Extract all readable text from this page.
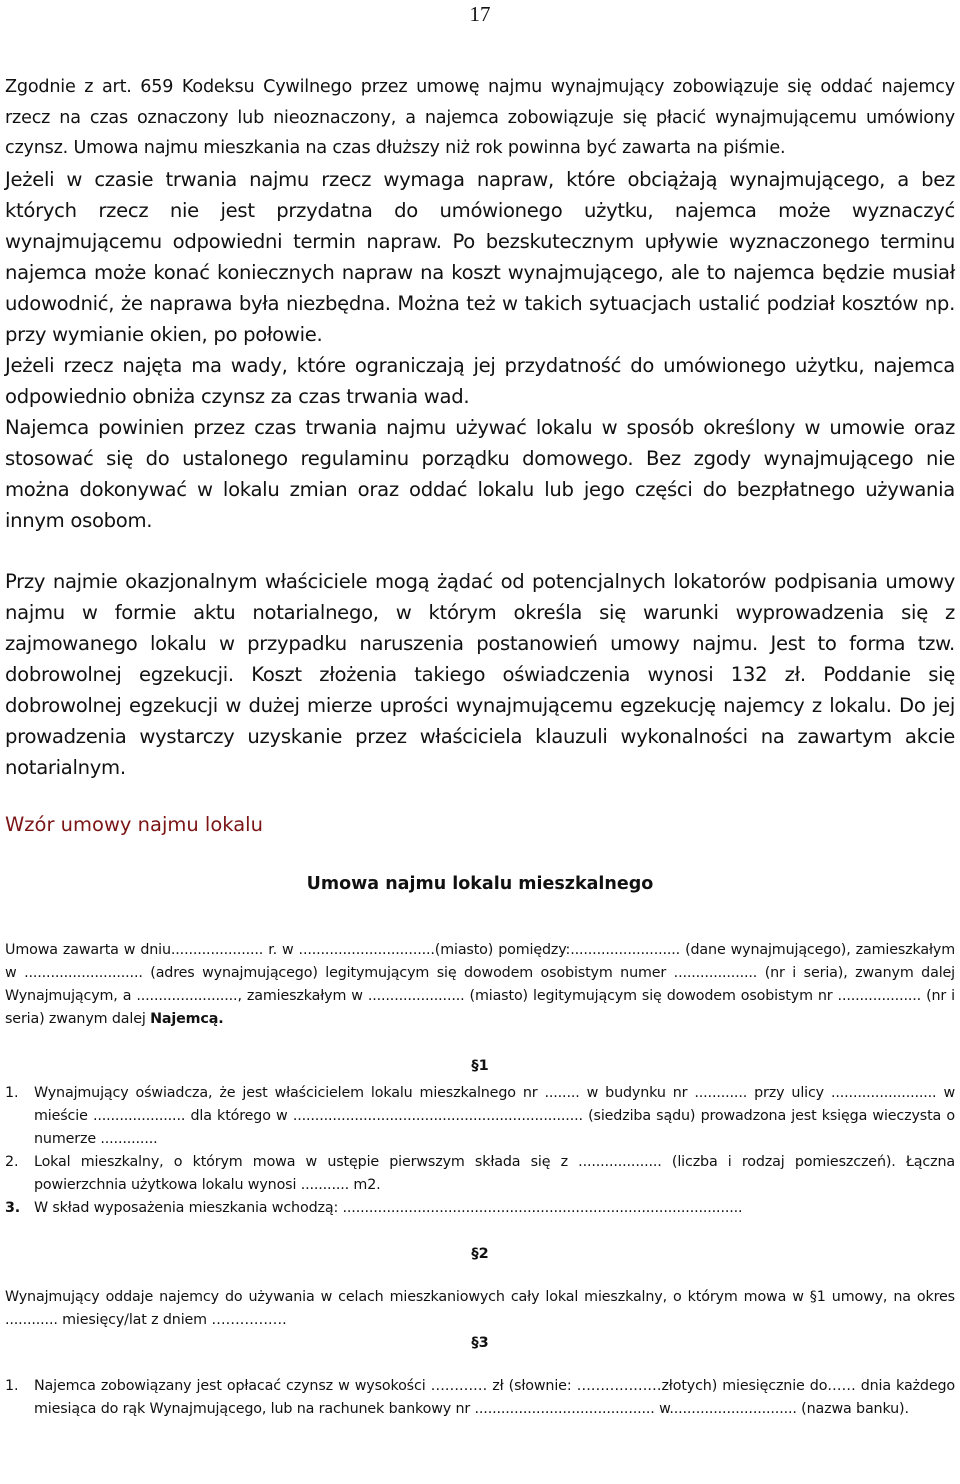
17

Zgodnie z art. 659 Kodeksu Cywilnego przez umowę najmu wynajmujący zobowiązuje się oddać najemcy rzecz na czas oznaczony lub nieoznaczony, a najemca zobowiązuje się płacić wynajmującemu umówiony czynsz. Umowa najmu mieszkania na czas dłuższy niż rok powinna być zawarta na piśmie.

Jeżeli w czasie trwania najmu rzecz wymaga napraw, które obciążają wynajmującego, a bez których rzecz nie jest przydatna do umówionego użytku, najemca może wyznaczyć wynajmującemu odpowiedni termin napraw. Po bezskutecznym upływie wyznaczonego terminu najemca może konać koniecznych napraw na koszt wynajmującego, ale to najemca będzie musiał udowodnić, że naprawa była niezbędna. Można też w takich sytuacjach ustalić podział kosztów np. przy wymianie okien, po połowie.

Jeżeli rzecz najęta ma wady, które ograniczają jej przydatność do umówionego użytku, najemca odpowiednio obniża czynsz za czas trwania wad.

Najemca powinien przez czas trwania najmu używać lokalu w sposób określony w umowie oraz stosować się do ustalonego regulaminu porządku domowego. Bez zgody wynajmującego nie można dokonywać w lokalu zmian oraz oddać lokalu lub jego części do bezpłatnego używania innym osobom.

Przy najmie okazjonalnym właściciele mogą żądać od potencjalnych lokatorów podpisania umowy najmu w formie aktu notarialnego, w którym określa się warunki wyprowadzenia się z zajmowanego lokalu w przypadku naruszenia postanowień umowy najmu. Jest to forma tzw. dobrowolnej egzekucji. Koszt złożenia takiego oświadczenia wynosi 132 zł. Poddanie się dobrowolnej egzekucji w dużej mierze uprości wynajmującemu egzekucję najemcy z lokalu. Do jej prowadzenia wystarczy uzyskanie przez właściciela klauzuli wykonalności na zawartym akcie notarialnym.

Wzór umowy najmu lokalu

Umowa najmu lokalu mieszkalnego

Umowa zawarta w dniu..................... r. w ...............................(miasto) pomiędzy:......................... (dane wynajmującego), zamieszkałym w ........................... (adres wynajmującego) legitymującym się dowodem osobistym numer ................... (nr i seria), zwanym dalej Wynajmującym, a ......................., zamieszkałym w ...................... (miasto) legitymującym się dowodem osobistym nr ................... (nr i seria) zwanym dalej Najemcą.

§1

1.	Wynajmujący oświadcza, że jest właścicielem lokalu mieszkalnego nr ........ w budynku nr ............ przy ulicy ........................ w mieście ..................... dla którego w .................................................................. (siedziba sądu) prowadzona jest księga wieczysta o numerze .............
2.	Lokal mieszkalny, o którym mowa w ustępie pierwszym składa się z ................... (liczba i rodzaj pomieszczeń). Łączna powierzchnia użytkowa lokalu wynosi ........... m2.
3. W skład wyposażenia mieszkania wchodzą: ...........................................................................................

§2

Wynajmujący oddaje najemcy do używania w celach mieszkaniowych cały lokal mieszkalny, o którym mowa w §1 umowy, na okres ............ miesięcy/lat z dniem …………….

§3

1.	Najemca zobowiązany jest opłacać czynsz w wysokości ………… zł (słownie: ………………złotych) miesięcznie do…… dnia każdego miesiąca do rąk Wynajmującego, lub na rachunek bankowy nr ......................................... w............................. (nazwa banku).
